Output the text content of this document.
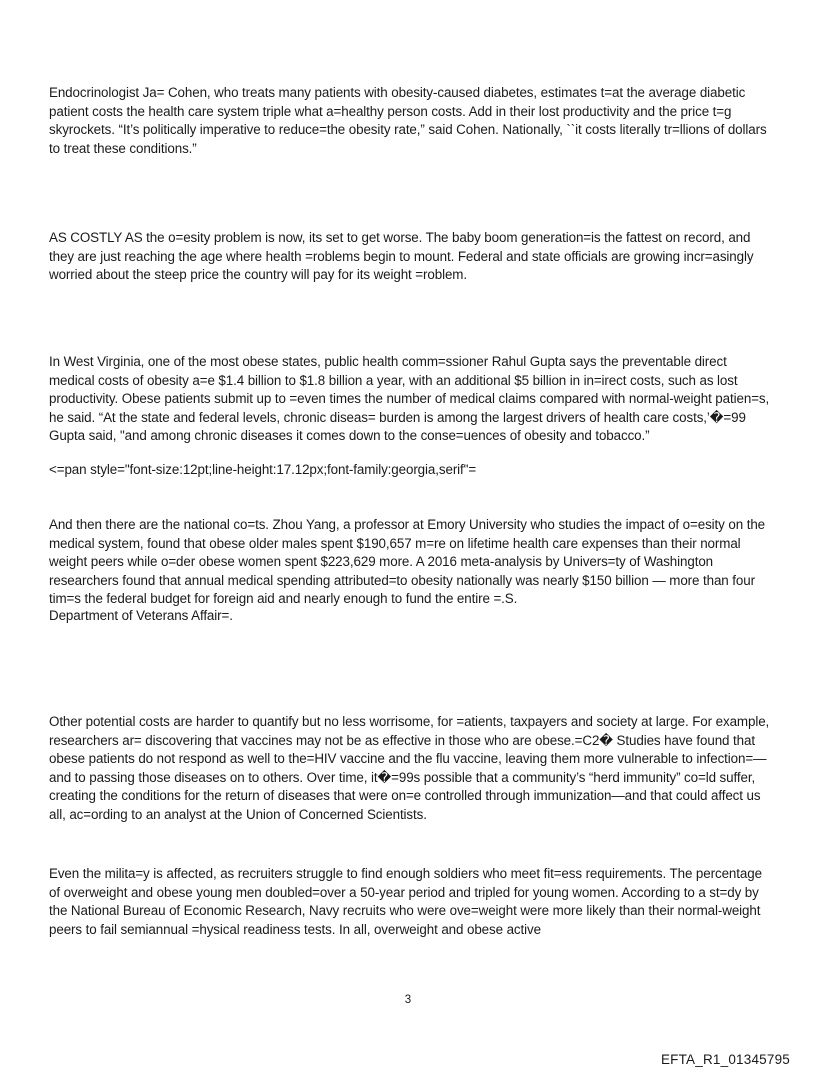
Endocrinologist Ja= Cohen, who treats many patients with obesity-caused diabetes, estimates t=at the average diabetic patient costs the health care system triple what a=healthy person costs. Add in their lost productivity and the price t=g skyrockets. “It’s politically imperative to reduce=the obesity rate,” said Cohen. Nationally, ``it costs literally tr=llions of dollars to treat these conditions.”

AS COSTLY AS the o=esity problem is now, its set to get worse. The baby boom generation=is the fattest on record, and they are just reaching the age where health =roblems begin to mount. Federal and state officials are growing incr=asingly worried about the steep price the country will pay for its weight =roblem.

In West Virginia, one of the most obese states, public health comm=ssioner Rahul Gupta says the preventable direct medical costs of obesity a=e $1.4 billion to $1.8 billion a year, with an additional $5 billion in in=irect costs, such as lost productivity. Obese patients submit up to =even times the number of medical claims compared with normal-weight patien=s, he said. “At the state and federal levels, chronic diseas= burden is among the largest drivers of health care costs,’�=99 Gupta said, "and among chronic diseases it comes down to the conse=uences of obesity and tobacco.”

<=pan style="font-size:12pt;line-height:17.12px;font-family:georgia,serif"=

And then there are the national co=ts. Zhou Yang, a professor at Emory University who studies the impact of o=esity on the medical system, found that obese older males spent $190,657 m=re on lifetime health care expenses than their normal weight peers while o=der obese women spent $223,629 more. A 2016 meta-analysis by Univers=ty of Washington researchers found that annual medical spending attributed=to obesity nationally was nearly $150 billion — more than four tim=s the federal budget for foreign aid and nearly enough to fund the entire =.S.

Department of Veterans Affair=.

Other potential costs are harder to quantify but no less worrisome, for =atients, taxpayers and society at large. For example, researchers ar= discovering that vaccines may not be as effective in those who are obese.=C2� Studies have found that obese patients do not respond as well to the=HIV vaccine and the flu vaccine, leaving them more vulnerable to infection=— and to passing those diseases on to others. Over time, it�=99s possible that a community’s “herd immunity” co=ld suffer, creating the conditions for the return of diseases that were on=e controlled through immunization—and that could affect us all, ac=ording to an analyst at the Union of Concerned Scientists.

Even the milita=y is affected, as recruiters struggle to find enough soldiers who meet fit=ess requirements. The percentage of overweight and obese young men doubled=over a 50-year period and tripled for young women. According to a st=dy by the National Bureau of Economic Research, Navy recruits who were ove=weight were more likely than their normal-weight peers to fail semiannual =hysical readiness tests. In all, overweight and obese active

3

EFTA_R1_01345795
